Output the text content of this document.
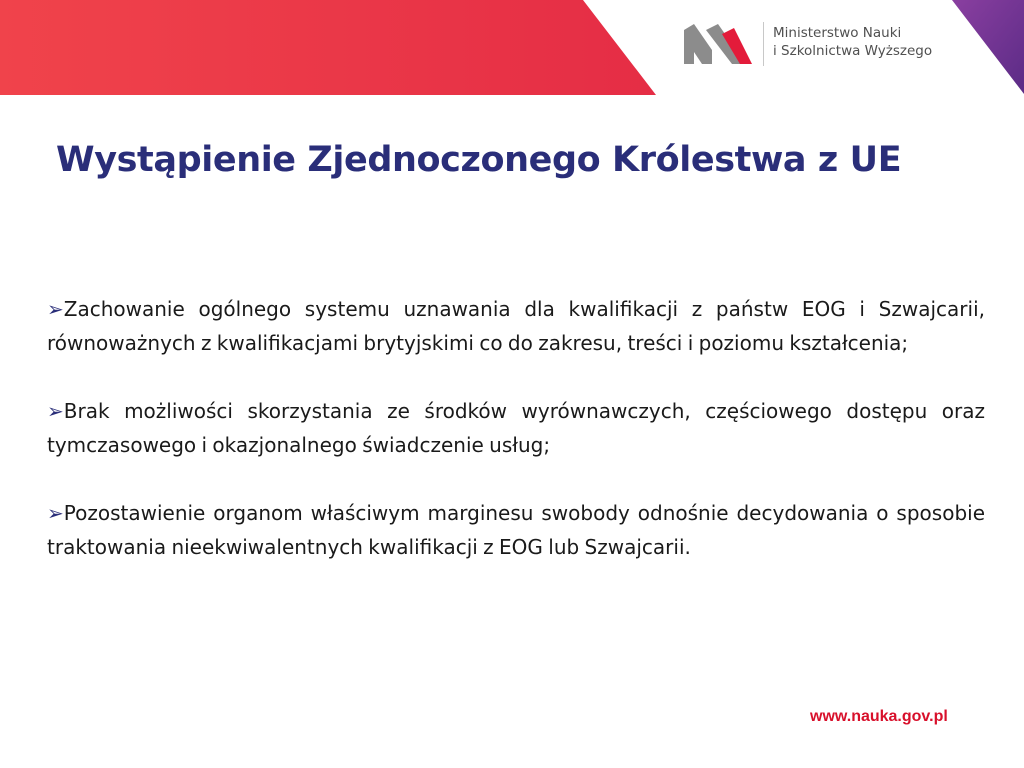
Ministerstwo Nauki
i Szkolnictwa Wyższego
Wystąpienie Zjednoczonego Królestwa z UE

➢Zachowanie ogólnego systemu uznawania dla kwalifikacji z państw EOG i Szwajcarii, równoważnych z kwalifikacjami brytyjskimi co do zakresu, treści i poziomu kształcenia;

➢Brak możliwości skorzystania ze środków wyrównawczych, częściowego dostępu oraz tymczasowego i okazjonalnego świadczenie usług;

➢Pozostawienie organom właściwym marginesu swobody odnośnie decydowania o sposobie traktowania nieekwiwalentnych kwalifikacji z EOG lub Szwajcarii.

www.nauka.gov.pl
